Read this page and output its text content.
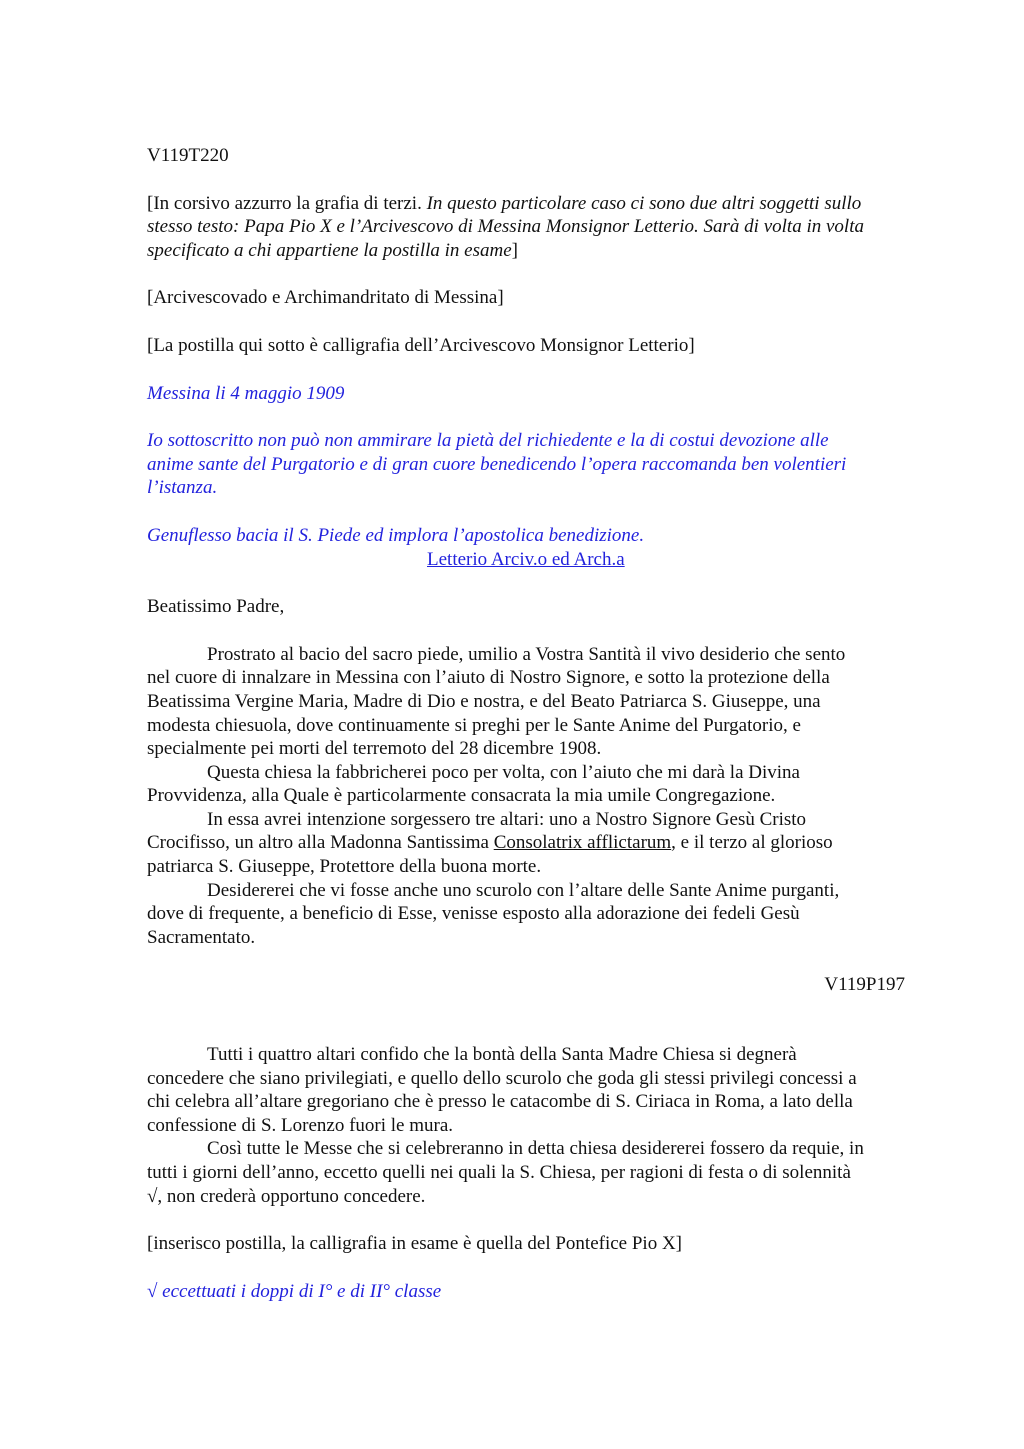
V119T220
[In corsivo azzurro la grafia di terzi. In questo particolare caso ci sono due altri soggetti sullo
stesso testo: Papa Pio X e l’Arcivescovo di Messina Monsignor Letterio. Sarà di volta in volta
specificato a chi appartiene la postilla in esame]
[Arcivescovado e Archimandritato di Messina]
[La postilla qui sotto è calligrafia dell’Arcivescovo Monsignor Letterio]
Messina li 4 maggio 1909
Io sottoscritto non può non ammirare la pietà del richiedente e la di costui devozione alle
anime sante del Purgatorio e di gran cuore benedicendo l’opera raccomanda ben volentieri
l’istanza.
Genuflesso bacia il S. Piede ed implora l’apostolica benedizione.
Letterio Arciv.o ed Arch.a
Beatissimo Padre,
Prostrato al bacio del sacro piede, umilio a Vostra Santità il vivo desiderio che sento
nel cuore di innalzare in Messina con l’aiuto di Nostro Signore, e sotto la protezione della
Beatissima Vergine Maria, Madre di Dio e nostra, e del Beato Patriarca S. Giuseppe, una
modesta chiesuola, dove continuamente si preghi per le Sante Anime del Purgatorio, e
specialmente pei morti del terremoto del 28 dicembre 1908.
Questa chiesa la fabbricherei poco per volta, con l’aiuto che mi darà la Divina
Provvidenza, alla Quale è particolarmente consacrata la mia umile Congregazione.
In essa avrei intenzione sorgessero tre altari: uno a Nostro Signore Gesù Cristo
Crocifisso, un altro alla Madonna Santissima Consolatrix afflictarum, e il terzo al glorioso
patriarca S. Giuseppe, Protettore della buona morte.
Desidererei che vi fosse anche uno scurolo con l’altare delle Sante Anime purganti,
dove di frequente, a beneficio di Esse, venisse esposto alla adorazione dei fedeli Gesù
Sacramentato.
V119P197
Tutti i quattro altari confido che la bontà della Santa Madre Chiesa si degnerà
concedere che siano privilegiati, e quello dello scurolo che goda gli stessi privilegi concessi a
chi celebra all’altare gregoriano che è presso le catacombe di S. Ciriaca in Roma, a lato della
confessione di S. Lorenzo fuori le mura.
Così tutte le Messe che si celebreranno in detta chiesa desidererei fossero da requie, in
tutti i giorni dell’anno, eccetto quelli nei quali la S. Chiesa, per ragioni di festa o di solennità
√, non crederà opportuno concedere.
[inserisco postilla, la calligrafia in esame è quella del Pontefice Pio X]
√ eccettuati i doppi di I° e di II° classe
